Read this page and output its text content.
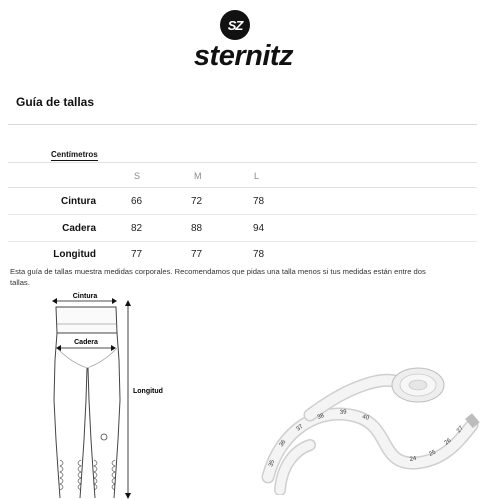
SZ
sternitz
Guía de tallas
Centímetros
S	M	L
Cintura	66	72	78
Cadera	82	88	94
Longitud	77	77	78
Esta guía de tallas muestra medidas corporales. Recomendamos que pidas una talla menos si tus medidas están entre dos tallas.
Cintura
Cadera
Longitud
35
36
37
38
39
40
24
25
26
27
